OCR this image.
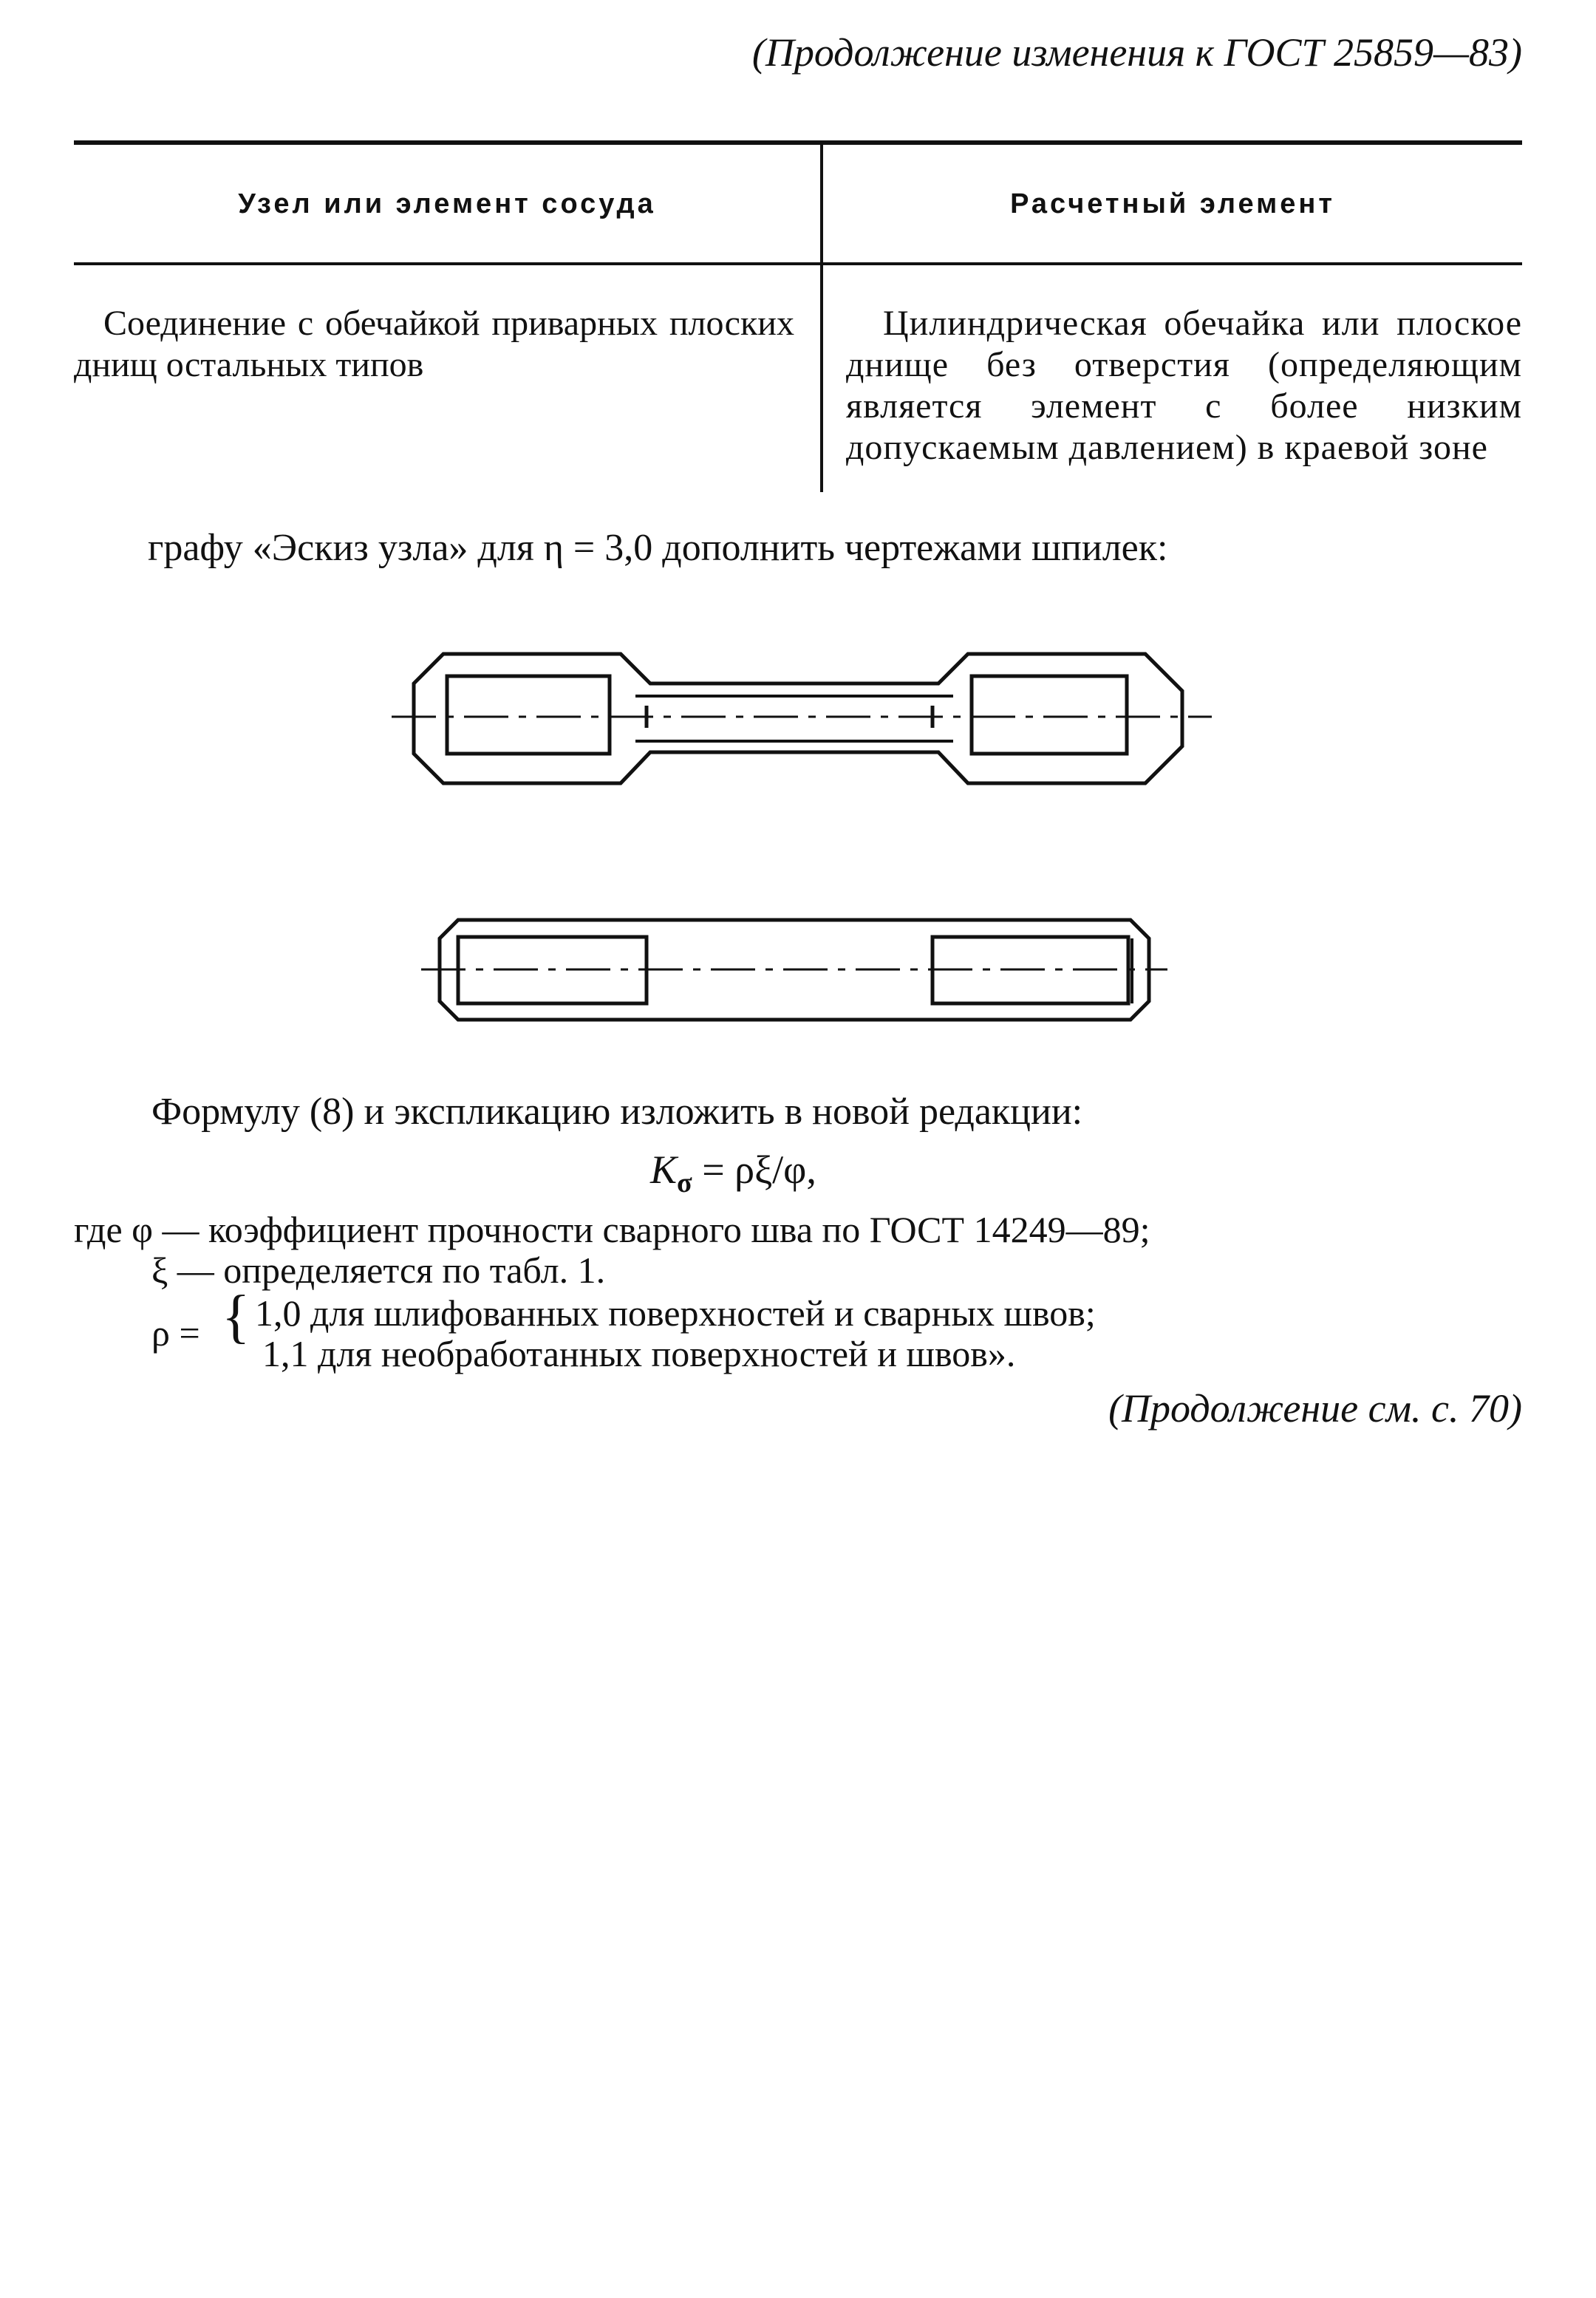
(Продолжение изменения к ГОСТ 25859—83)
Узел или элемент сосуда	Расчетный элемент
Соединение с обечайкой приварных плоских днищ остальных типов
Цилиндрическая обечайка или плоское днище без отверстия (определяющим является элемент с более низким допускаемым давлением) в краевой зоне
графу «Эскиз узла» для η = 3,0 дополнить чертежами шпилек:
Формулу (8) и экспликацию изложить в новой редакции:
$K_\sigma = \rho\xi/\varphi$,
где φ — коэффициент прочности сварного шва по ГОСТ 14249—89;
ξ — определяется по табл. 1.
ρ = { 1,0 для шлифованных поверхностей и сварных швов;
1,1 для необработанных поверхностей и швов».
(Продолжение см. с. 70)
